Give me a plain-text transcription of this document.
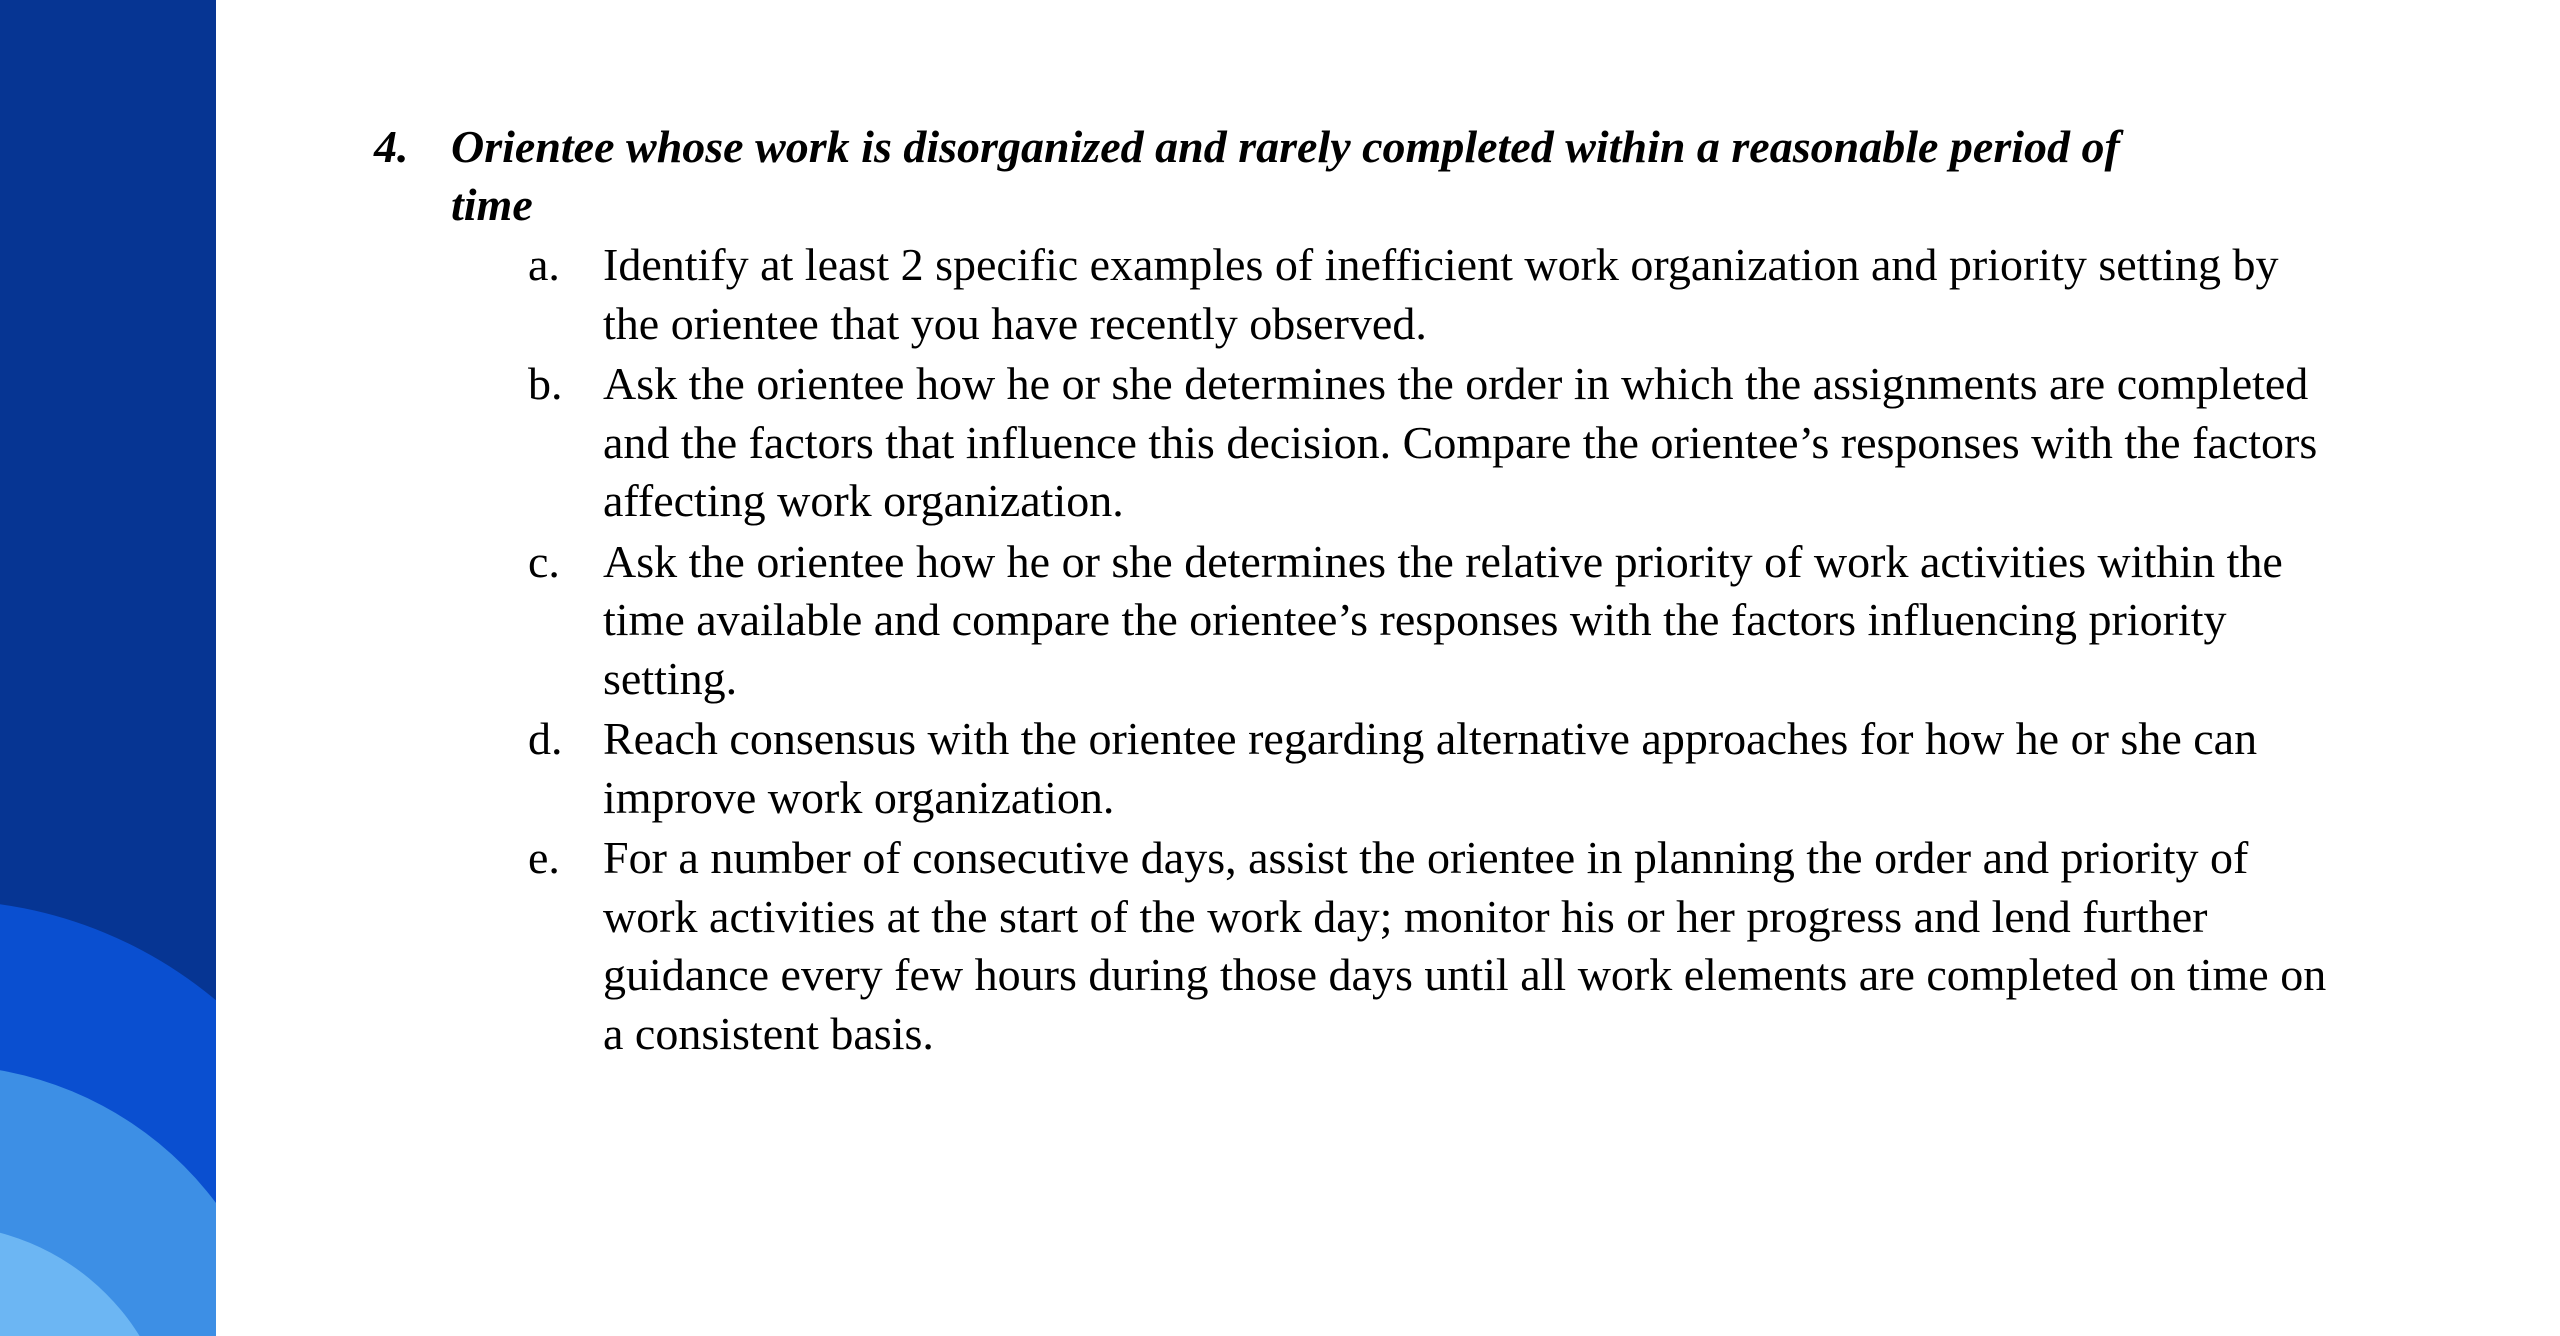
4. Orientee whose work is disorganized and rarely completed within a reasonable period of time
a. Identify at least 2 specific examples of inefficient work organization and priority setting by the orientee that you have recently observed.
b. Ask the orientee how he or she determines the order in which the assignments are completed and the factors that influence this decision. Compare the orientee’s responses with the factors affecting work organization.
c. Ask the orientee how he or she determines the relative priority of work activities within the time available and compare the orientee’s responses with the factors influencing priority setting.
d. Reach consensus with the orientee regarding alternative approaches for how he or she can improve work organization.
e. For a number of consecutive days, assist the orientee in planning the order and priority of work activities at the start of the work day; monitor his or her progress and lend further guidance every few hours during those days until all work elements are completed on time on a consistent basis.
